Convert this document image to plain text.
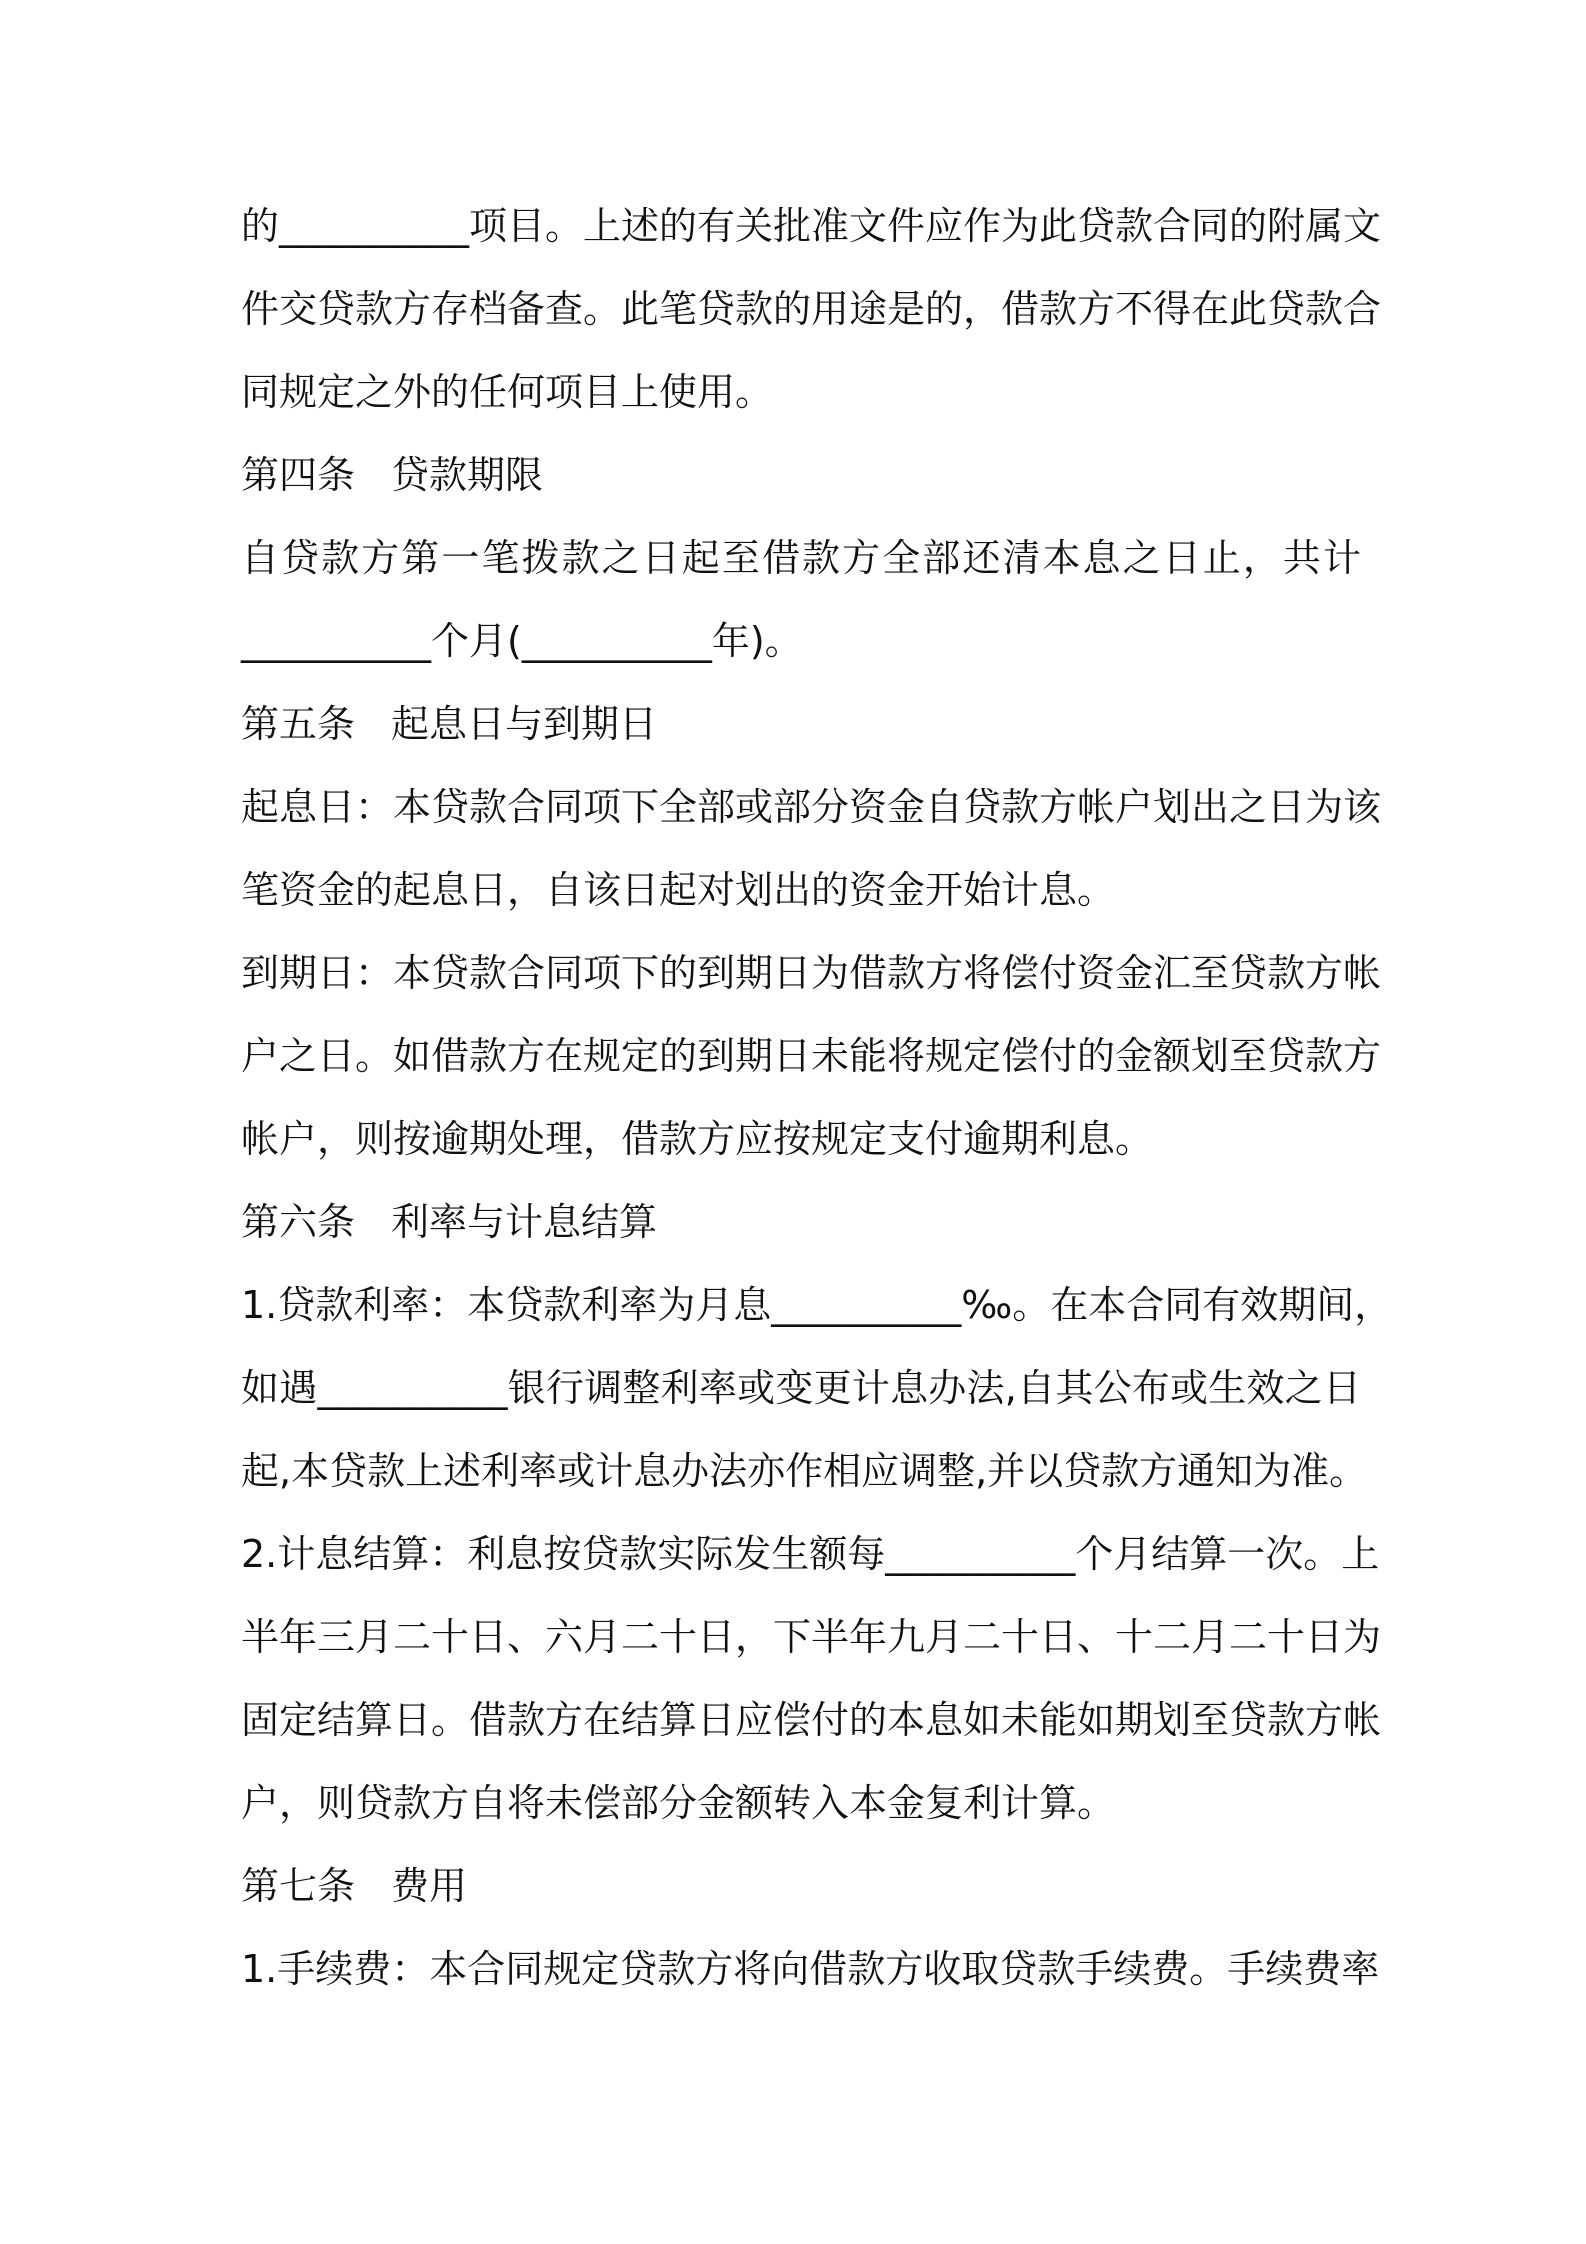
的__________项目。上述的有关批准文件应作为此贷款合同的附属文
件交贷款方存档备查。此笔贷款的用途是的，借款方不得在此贷款合
同规定之外的任何项目上使用。
第四条 贷款期限
自贷款方第一笔拨款之日起至借款方全部还清本息之日止，共计
__________个月(__________年)。
第五条 起息日与到期日
起息日：本贷款合同项下全部或部分资金自贷款方帐户划出之日为该
笔资金的起息日，自该日起对划出的资金开始计息。
到期日：本贷款合同项下的到期日为借款方将偿付资金汇至贷款方帐
户之日。如借款方在规定的到期日未能将规定偿付的金额划至贷款方
帐户，则按逾期处理，借款方应按规定支付逾期利息。
第六条 利率与计息结算
1.贷款利率：本贷款利率为月息__________‰。在本合同有效期间，
如遇__________银行调整利率或变更计息办法,自其公布或生效之日
起,本贷款上述利率或计息办法亦作相应调整,并以贷款方通知为准。
2.计息结算：利息按贷款实际发生额每__________个月结算一次。上
半年三月二十日、六月二十日，下半年九月二十日、十二月二十日为
固定结算日。借款方在结算日应偿付的本息如未能如期划至贷款方帐
户，则贷款方自将未偿部分金额转入本金复利计算。
第七条 费用
1.手续费：本合同规定贷款方将向借款方收取贷款手续费。手续费率
